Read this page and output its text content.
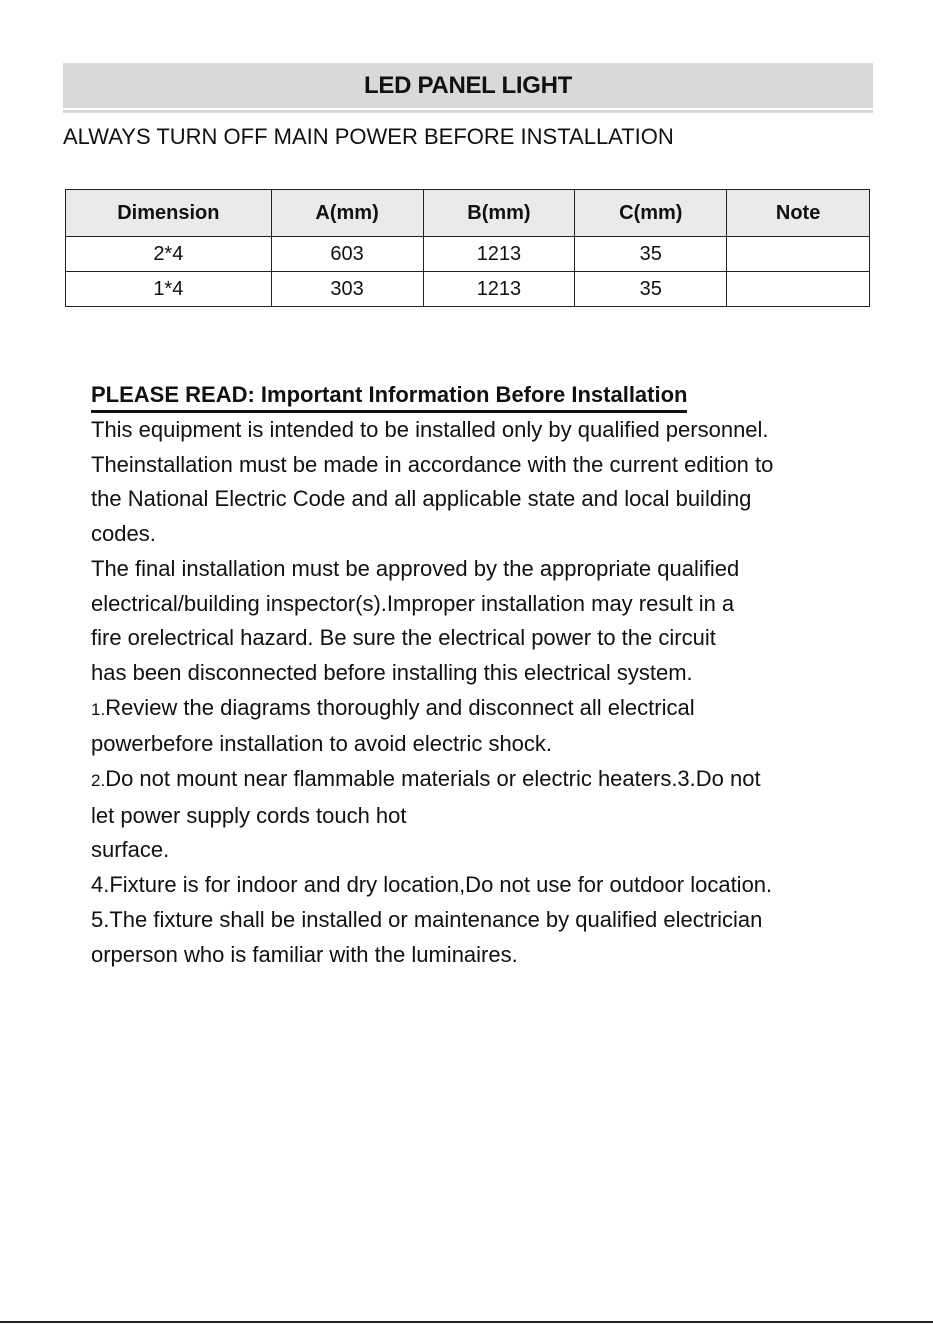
LED PANEL LIGHT
ALWAYS TURN OFF MAIN POWER BEFORE INSTALLATION
Dimension	A(mm)	B(mm)	C(mm)	Note
2*4	603	1213	35	
1*4	303	1213	35	
PLEASE READ: Important Information Before Installation
This equipment is intended to be installed only by qualified personnel.
Theinstallation must be made in accordance with the current edition to
the National Electric Code and all applicable state and local building
codes.
The final installation must be approved by the appropriate qualified
electrical/building inspector(s).Improper installation may result in a
fire orelectrical hazard. Be sure the electrical power to the circuit
has been disconnected before installing this electrical system.
1.Review the diagrams thoroughly and disconnect all electrical
powerbefore installation to avoid electric shock.
2.Do not mount near flammable materials or electric heaters.3.Do not
let power supply cords touch hot
surface.
4.Fixture is for indoor and dry location,Do not use for outdoor location.
5.The fixture shall be installed or maintenance by qualified electrician
orperson who is familiar with the luminaires.
